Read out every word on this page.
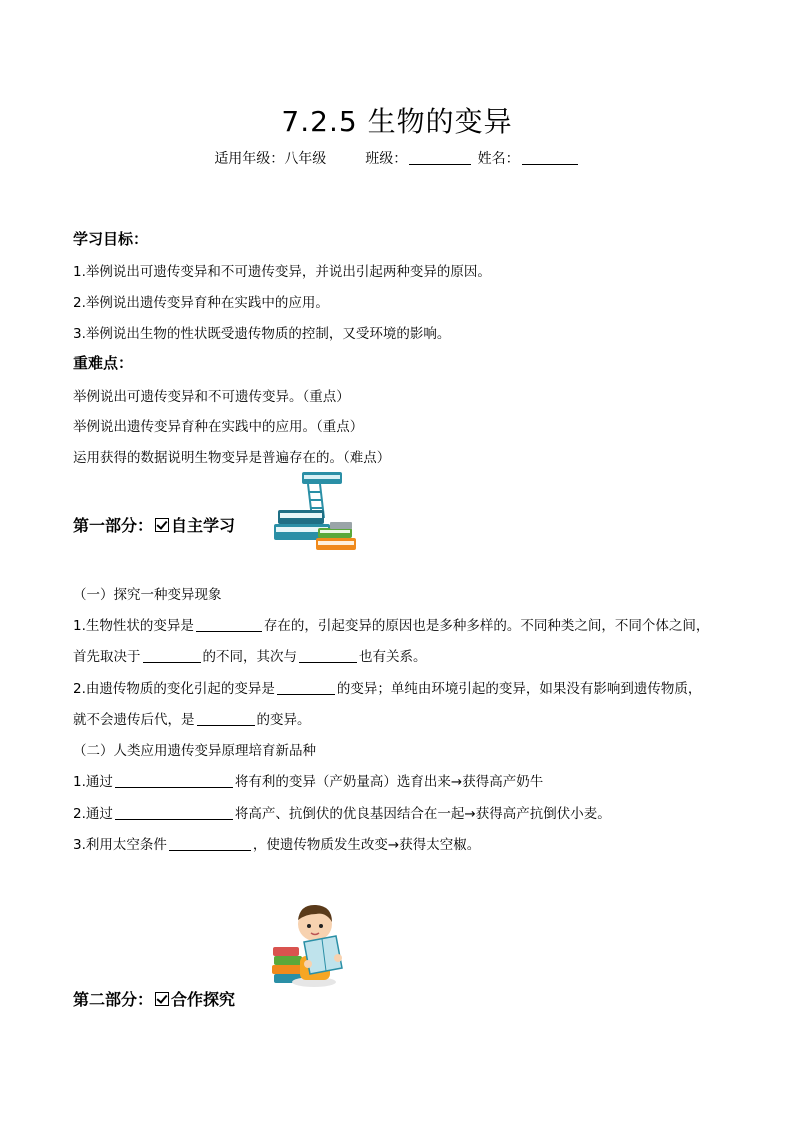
7.2.5 生物的变异
适用年级：八年级	班级：	姓名：
学习目标：
1.举例说出可遗传变异和不可遗传变异，并说出引起两种变异的原因。
2.举例说出遗传变异育种在实践中的应用。
3.举例说出生物的性状既受遗传物质的控制，又受环境的影响。
重难点：
举例说出可遗传变异和不可遗传变异。（重点）
举例说出遗传变异育种在实践中的应用。（重点）
运用获得的数据说明生物变异是普遍存在的。（难点）
第一部分： 自主学习
（一）探究一种变异现象
1.生物性状的变异是	存在的，引起变异的原因也是多种多样的。不同种类之间，不同个体之间，
首先取决于	的不同，其次与	也有关系。
2.由遗传物质的变化引起的变异是	的变异；单纯由环境引起的变异，如果没有影响到遗传物质，
就不会遗传后代，是	的变异。
（二）人类应用遗传变异原理培育新品种
1.通过	将有利的变异（产奶量高）选育出来→获得高产奶牛
2.通过	将高产、抗倒伏的优良基因结合在一起→获得高产抗倒伏小麦。
3.利用太空条件	，使遗传物质发生改变→获得太空椒。
第二部分： 合作探究
